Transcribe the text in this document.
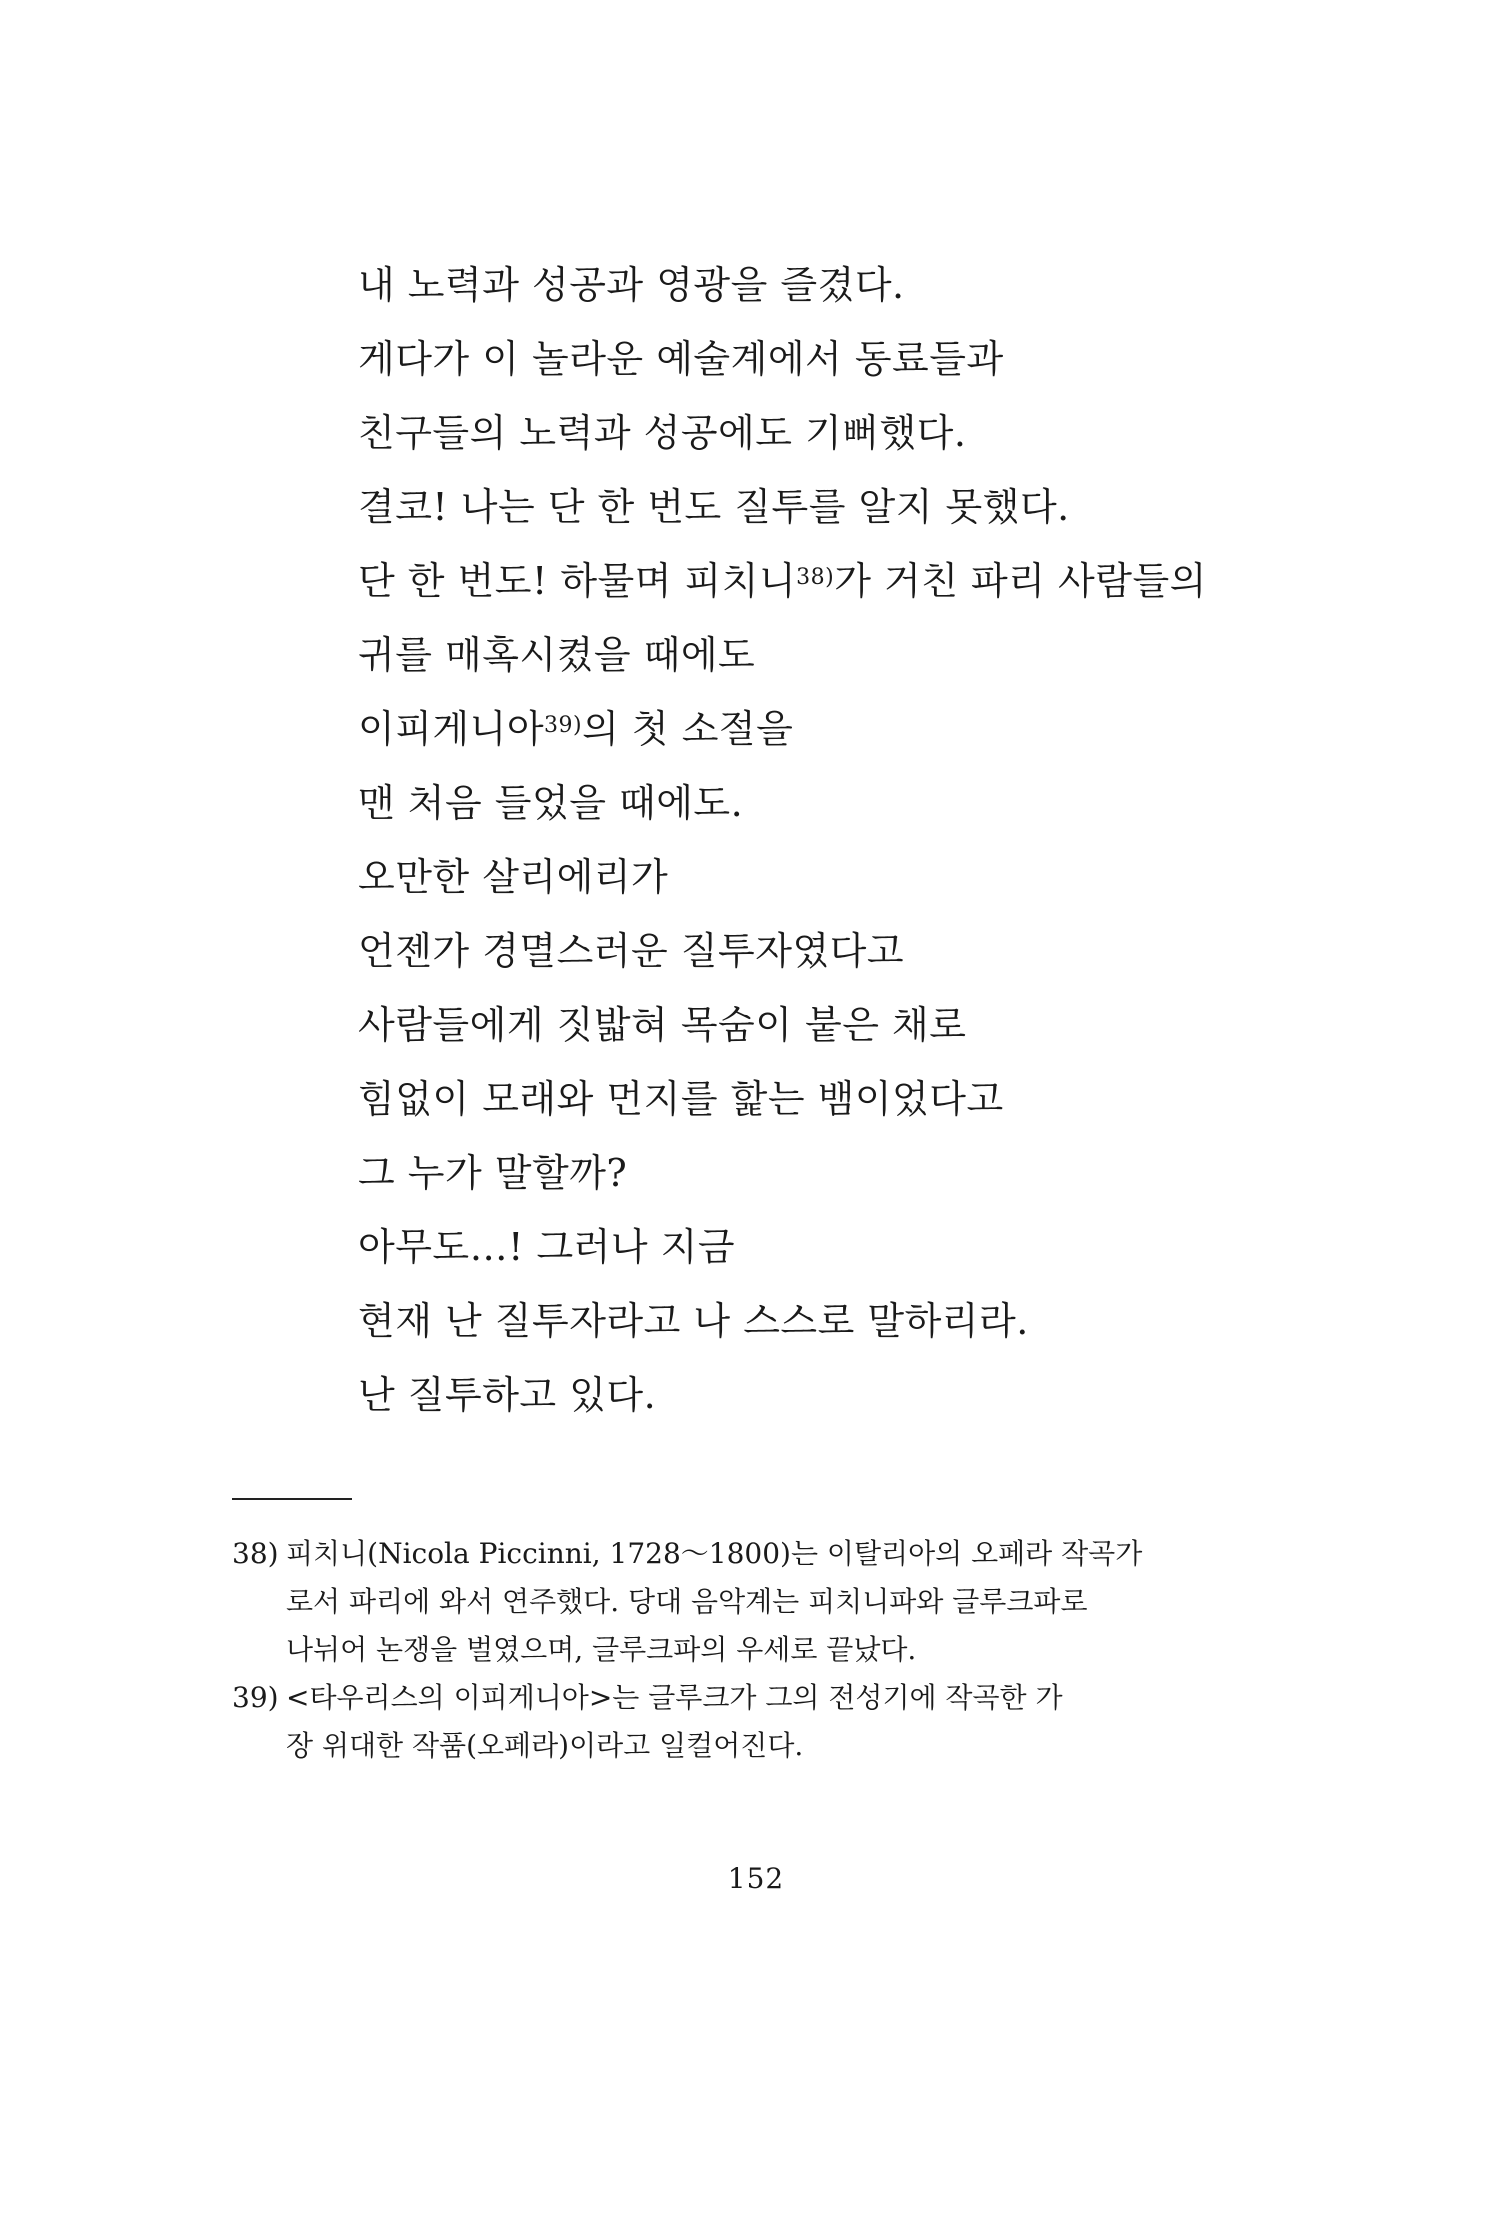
내 노력과 성공과 영광을 즐겼다.
게다가 이 놀라운 예술계에서 동료들과
친구들의 노력과 성공에도 기뻐했다.
결코! 나는 단 한 번도 질투를 알지 못했다.
단 한 번도! 하물며 피치니$^{38)}$가 거친 파리 사람들의
귀를 매혹시켰을 때에도
이피게니아$^{39)}$의 첫 소절을
맨 처음 들었을 때에도.
오만한 살리에리가
언젠가 경멸스러운 질투자였다고
사람들에게 짓밟혀 목숨이 붙은 채로
힘없이 모래와 먼지를 핥는 뱀이었다고
그 누가 말할까?
아무도…! 그러나 지금
현재 난 질투자라고 나 스스로 말하리라.
난 질투하고 있다.
38) 피치니(Nicola Piccinni, 1728～1800)는 이탈리아의 오페라 작곡가
로서 파리에 와서 연주했다. 당대 음악계는 피치니파와 글루크파로
나뉘어 논쟁을 벌였으며, 글루크파의 우세로 끝났다.
39) <타우리스의 이피게니아>는 글루크가 그의 전성기에 작곡한 가
장 위대한 작품(오페라)이라고 일컬어진다.
152
